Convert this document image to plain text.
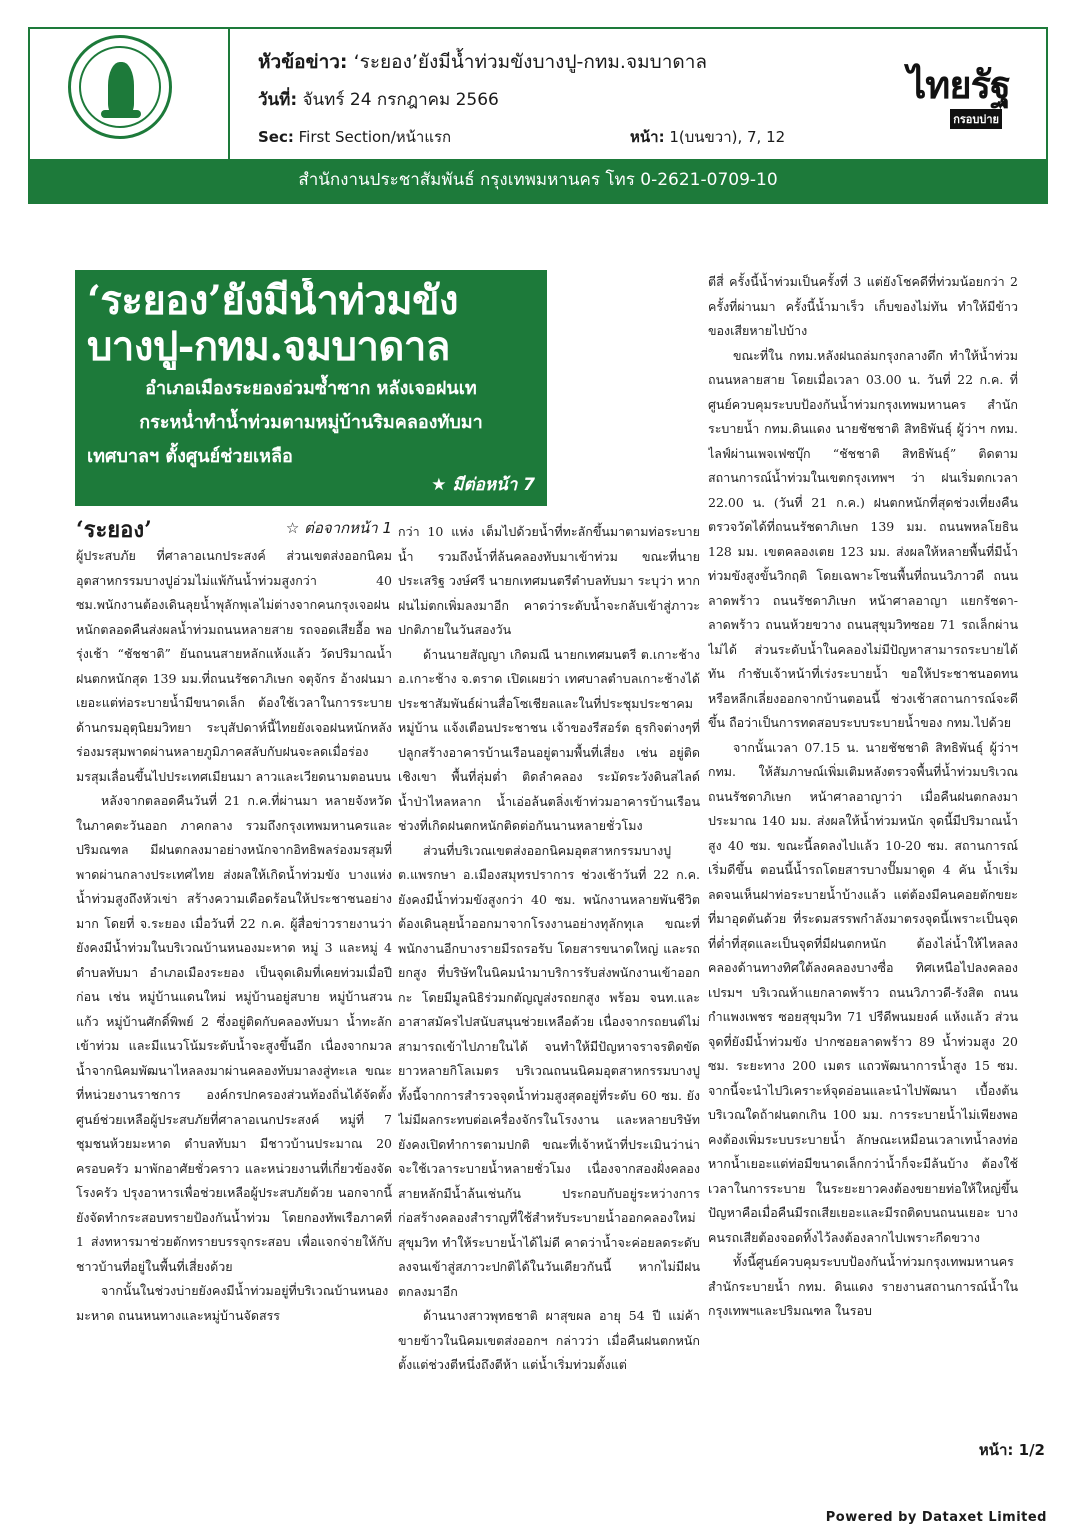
หัวข้อข่าว: ‘ระยอง’ยังมีน้ำท่วมขังบางปู-กทม.จมบาดาล
วันที่: จันทร์ 24 กรกฎาคม 2566
Sec: First Section/หน้าแรก	หน้า: 1(บนขวา), 7, 12
ไทยรัฐ
กรอบบ่าย
สำนักงานประชาสัมพันธ์ กรุงเทพมหานคร โทร 0-2621-0709-10
‘ระยอง’ยังมีน้ำท่วมขัง
บางปู-กทม.จมบาดาล
อำเภอเมืองระยองอ่วมซ้ำซาก หลังเจอฝนเท
กระหน่ำทำน้ำท่วมตามหมู่บ้านริมคลองทับมา
เทศบาลฯ ตั้งศูนย์ช่วยเหลือ
★ มีต่อหน้า 7
‘ระยอง’	☆ ต่อจากหน้า 1

ผู้ประสบภัย ที่ศาลาอเนกประสงค์ ส่วนเขตส่งออกนิคมอุตสาหกรรมบางปูอ่วมไม่แพ้กันน้ำท่วมสูงกว่า 40 ซม.พนักงานต้องเดินลุยน้ำพุลักพุเลไม่ต่างจากคนกรุงเจอฝนหนักตลอดคืนส่งผลน้ำท่วมถนนหลายสาย รถจอดเสียอื้อ พอรุ่งเช้า “ชัชชาติ” ยันถนนสายหลักแห้งแล้ว วัดปริมาณน้ำฝนตกหนักสุด 139 มม.ที่ถนนรัชดาภิเษก จตุจักร อ้างฝนมาเยอะแต่ท่อระบายน้ำมีขนาดเล็ก ต้องใช้เวลาในการระบาย ด้านกรมอุตุนิยมวิทยา ระบุสัปดาห์นี้ไทยยังเจอฝนหนักหลังร่องมรสุมพาดผ่านหลายภูมิภาคสลับกับฝนจะลดเมื่อร่องมรสุมเลื่อนขึ้นไปประเทศเมียนมา ลาวและเวียดนามตอนบน

หลังจากตลอดคืนวันที่ 21 ก.ค.ที่ผ่านมา หลายจังหวัดในภาคตะวันออก ภาคกลาง รวมถึงกรุงเทพมหานครและปริมณฑล มีฝนตกลงมาอย่างหนักจากอิทธิพลร่องมรสุมที่พาดผ่านกลางประเทศไทย ส่งผลให้เกิดน้ำท่วมขัง บางแห่งน้ำท่วมสูงถึงหัวเข่า สร้างความเดือดร้อนให้ประชาชนอย่างมาก โดยที่ จ.ระยอง เมื่อวันที่ 22 ก.ค. ผู้สื่อข่าวรายงานว่า ยังคงมีน้ำท่วมในบริเวณบ้านหนองมะหาด หมู่ 3 และหมู่ 4 ตำบลทับมา อำเภอเมืองระยอง เป็นจุดเดิมที่เคยท่วมเมื่อปีก่อน เช่น หมู่บ้านแดนใหม่ หมู่บ้านอยู่สบาย หมู่บ้านสวนแก้ว หมู่บ้านศักดิ์พิพย์ 2 ซึ่งอยู่ติดกับคลองทับมา น้ำทะลักเข้าท่วม และมีแนวโน้มระดับน้ำจะสูงขึ้นอีก เนื่องจากมวลน้ำจากนิคมพัฒนาไหลลงมาผ่านคลองทับมาลงสู่ทะเล ขณะที่หน่วยงานราชการ องค์กรปกครองส่วนท้องถิ่นได้จัดตั้งศูนย์ช่วยเหลือผู้ประสบภัยที่ศาลาอเนกประสงค์ หมู่ที่ 7 ชุมชนห้วยมะหาด ตำบลทับมา มีชาวบ้านประมาณ 20 ครอบครัว มาพักอาศัยชั่วคราว และหน่วยงานที่เกี่ยวข้องจัดโรงครัว ปรุงอาหารเพื่อช่วยเหลือผู้ประสบภัยด้วย นอกจากนี้ยังจัดทำกระสอบทรายป้องกันน้ำท่วม โดยกองทัพเรือภาคที่ 1 ส่งทหารมาช่วยตักทรายบรรจุกระสอบ เพื่อแจกจ่ายให้กับชาวบ้านที่อยู่ในพื้นที่เสี่ยงด้วย

จากนั้นในช่วงบ่ายยังคงมีน้ำท่วมอยู่ที่บริเวณบ้านหนองมะหาด ถนนหนทางและหมู่บ้านจัดสรร

กว่า 10 แห่ง เต็มไปด้วยน้ำที่ทะลักขึ้นมาตามท่อระบายน้ำ รวมถึงน้ำที่ล้นคลองทับมาเข้าท่วม ขณะที่นายประเสริฐ วงษ์ศรี นายกเทศมนตรีตำบลทับมา ระบุว่า หากฝนไม่ตกเพิ่มลงมาอีก คาดว่าระดับน้ำจะกลับเข้าสู่ภาวะปกติภายในวันสองวัน

ด้านนายสัญญา เกิดมณี นายกเทศมนตรี ต.เกาะช้าง อ.เกาะช้าง จ.ตราด เปิดเผยว่า เทศบาลตำบลเกาะช้างได้ประชาสัมพันธ์ผ่านสื่อโซเชียลและในที่ประชุมประชาคมหมู่บ้าน แจ้งเตือนประชาชน เจ้าของรีสอร์ต ธุรกิจต่างๆที่ปลูกสร้างอาคารบ้านเรือนอยู่ตามพื้นที่เสี่ยง เช่น อยู่ติดเชิงเขา พื้นที่ลุ่มต่ำ ติดลำคลอง ระมัดระวังดินสไลด์ น้ำป่าไหลหลาก น้ำเอ่อล้นตลิ่งเข้าท่วมอาคารบ้านเรือน ช่วงที่เกิดฝนตกหนักติดต่อกันนานหลายชั่วโมง

ส่วนที่บริเวณเขตส่งออกนิคมอุตสาหกรรมบางปู ต.แพรกษา อ.เมืองสมุทรปราการ ช่วงเช้าวันที่ 22 ก.ค. ยังคงมีน้ำท่วมขังสูงกว่า 40 ซม. พนักงานหลายพันชีวิตต้องเดินลุยน้ำออกมาจากโรงงานอย่างทุลักทุเล ขณะที่พนักงานอีกบางรายมีรถรอรับ โดยสารขนาดใหญ่ และรถยกสูง ที่บริษัทในนิคมนำมาบริการรับส่งพนักงานเข้าออกกะ โดยมีมูลนิธิร่วมกตัญญูส่งรถยกสูง พร้อม จนท.และอาสาสมัครไปสนับสนุนช่วยเหลือด้วย เนื่องจากรถยนต์ไม่สามารถเข้าไปภายในได้ จนทำให้มีปัญหาจราจรติดขัดยาวหลายกิโลเมตร บริเวณถนนนิคมอุตสาหกรรมบางปู ทั้งนี้จากการสำรวจจุดน้ำท่วมสูงสุดอยู่ที่ระดับ 60 ซม. ยังไม่มีผลกระทบต่อเครื่องจักรในโรงงาน และหลายบริษัทยังคงเปิดทำการตามปกติ ขณะที่เจ้าหน้าที่ประเมินว่าน่าจะใช้เวลาระบายน้ำหลายชั่วโมง เนื่องจากสองฝั่งคลองสายหลักมีน้ำล้นเช่นกัน ประกอบกับอยู่ระหว่างการก่อสร้างคลองสำราญที่ใช้สำหรับระบายน้ำออกคลองใหม่สุขุมวิท ทำให้ระบายน้ำได้ไม่ดี คาดว่าน้ำจะค่อยลดระดับลงจนเข้าสู่สภาวะปกติได้ในวันเดียวกันนี้ หากไม่มีฝนตกลงมาอีก

ด้านนางสาวพุทธชาติ ผาสุขผล อายุ 54 ปี แม่ค้าขายข้าวในนิคมเขตส่งออกฯ กล่าวว่า เมื่อคืนฝนตกหนักตั้งแต่ช่วงตีหนึ่งถึงตีห้า แต่น้ำเริ่มท่วมตั้งแต่

ตีสี่ ครั้งนี้น้ำท่วมเป็นครั้งที่ 3 แต่ยังโชคดีที่ท่วมน้อยกว่า 2 ครั้งที่ผ่านมา ครั้งนี้น้ำมาเร็ว เก็บของไม่ทัน ทำให้มีข้าวของเสียหายไปบ้าง

ขณะที่ใน กทม.หลังฝนถล่มกรุงกลางดึก ทำให้น้ำท่วมถนนหลายสาย โดยเมื่อเวลา 03.00 น. วันที่ 22 ก.ค. ที่ศูนย์ควบคุมระบบป้องกันน้ำท่วมกรุงเทพมหานคร สำนักระบายน้ำ กทม.ดินแดง นายชัชชาติ สิทธิพันธุ์ ผู้ว่าฯ กทม. ไลฟ์ผ่านเพจเฟซบุ๊ก “ชัชชาติ สิทธิพันธุ์” ติดตามสถานการณ์น้ำท่วมในเขตกรุงเทพฯ ว่า ฝนเริ่มตกเวลา 22.00 น. (วันที่ 21 ก.ค.) ฝนตกหนักที่สุดช่วงเที่ยงคืน ตรวจวัดได้ที่ถนนรัชดาภิเษก 139 มม. ถนนพหลโยธิน 128 มม. เขตคลองเตย 123 มม. ส่งผลให้หลายพื้นที่มีน้ำท่วมขังสูงขั้นวิกฤติ โดยเฉพาะโซนพื้นที่ถนนวิภาวดี ถนนลาดพร้าว ถนนรัชดาภิเษก หน้าศาลอาญา แยกรัชดา-ลาดพร้าว ถนนห้วยขวาง ถนนสุขุมวิทซอย 71 รถเล็กผ่านไม่ได้ ส่วนระดับน้ำในคลองไม่มีปัญหาสามารถระบายได้ทัน กำชับเจ้าหน้าที่เร่งระบายน้ำ ขอให้ประชาชนอดทน หรือหลีกเลี่ยงออกจากบ้านตอนนี้ ช่วงเช้าสถานการณ์จะดีขึ้น ถือว่าเป็นการทดสอบระบบระบายน้ำของ กทม.ไปด้วย

จากนั้นเวลา 07.15 น. นายชัชชาติ สิทธิพันธุ์ ผู้ว่าฯ กทม. ให้สัมภาษณ์เพิ่มเติมหลังตรวจพื้นที่น้ำท่วมบริเวณถนนรัชดาภิเษก หน้าศาลอาญาว่า เมื่อคืนฝนตกลงมาประมาณ 140 มม. ส่งผลให้น้ำท่วมหนัก จุดนี้มีปริมาณน้ำสูง 40 ซม. ขณะนี้ลดลงไปแล้ว 10-20 ซม. สถานการณ์เริ่มดีขึ้น ตอนนี้น้ำรถโดยสารบางปั๊มมาดูด 4 คัน น้ำเริ่มลดจนเห็นฝาท่อระบายน้ำบ้างแล้ว แต่ต้องมีคนคอยตักขยะที่มาอุดตันด้วย ที่ระดมสรรพกำลังมาตรงจุดนี้เพราะเป็นจุดที่ต่ำที่สุดและเป็นจุดที่มีฝนตกหนัก ต้องไล่น้ำให้ไหลลงคลองด้านทางทิศใต้ลงคลองบางซื่อ ทิศเหนือไปลงคลองเปรมฯ บริเวณห้าแยกลาดพร้าว ถนนวิภาวดี-รังสิต ถนนกำแพงเพชร ซอยสุขุมวิท 71 ปรีดีพนมยงค์ แห้งแล้ว ส่วนจุดที่ยังมีน้ำท่วมขัง ปากซอยลาดพร้าว 89 น้ำท่วมสูง 20 ซม. ระยะทาง 200 เมตร แถวพัฒนาการน้ำสูง 15 ซม. จากนี้จะนำไปวิเคราะห์จุดอ่อนและนำไปพัฒนา เบื้องต้นบริเวณใดถ้าฝนตกเกิน 100 มม. การระบายน้ำไม่เพียงพอ คงต้องเพิ่มระบบระบายน้ำ ลักษณะเหมือนเวลาเทน้ำลงท่อ หากน้ำเยอะแต่ท่อมีขนาดเล็กกว่าน้ำก็จะมีล้นบ้าง ต้องใช้เวลาในการระบาย ในระยะยาวคงต้องขยายท่อให้ใหญ่ขึ้น ปัญหาคือเมื่อคืนมีรถเสียเยอะและมีรถติดบนถนนเยอะ บางคนรถเสียต้องจอดทิ้งไว้ลงต้องลากไปเพราะกีดขวาง

ทั้งนี้ศูนย์ควบคุมระบบป้องกันน้ำท่วมกรุงเทพมหานคร สำนักระบายน้ำ กทม. ดินแดง รายงานสถานการณ์น้ำในกรุงเทพฯและปริมณฑล ในรอบ

หน้า: 1/2
Powered by Dataxet Limited
